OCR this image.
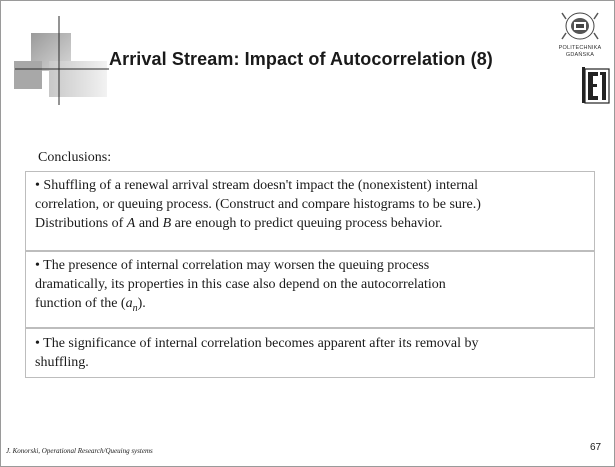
Arrival Stream: Impact of Autocorrelation (8)
POLITECHNIKA
GDAŃSKA
Conclusions:
• Shuffling of a renewal arrival stream doesn't impact the (nonexistent) internal
correlation, or queuing process. (Construct and compare histograms to be sure.)
Distributions of A and B are enough to predict queuing process behavior.
• The presence of internal correlation may worsen the queuing process
dramatically, its properties in this case also depend on the autocorrelation
function of the $(a_n)$.
• The significance of internal correlation becomes apparent after its removal by
shuffling.
J. Konorski, Operational Research/Queuing systems	67
